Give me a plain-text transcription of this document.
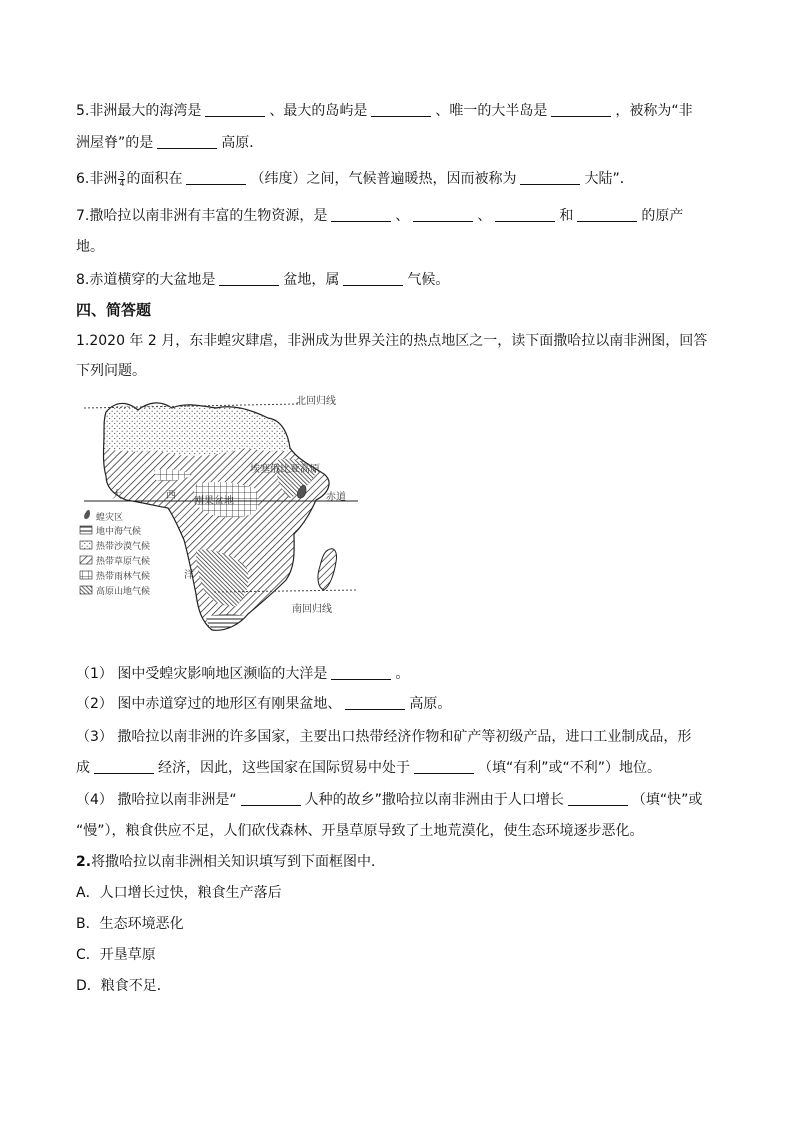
5.非洲最大的海湾是	、最大的岛屿是	、唯一的大半岛是	，被称为“非
洲屋脊”的是	高原．
6.非洲 $\frac{3}{4}$ 的面积在	（纬度）之间，气候普遍暖热，因而被称为	大陆”．
7.撒哈拉以南非洲有丰富的生物资源，是	、	、	和	的原产
地。
8.赤道横穿的大盆地是	盆地，属	气候。
四、简答题
1.2020 年 2 月，东非蝗灾肆虐，非洲成为世界关注的热点地区之一，读下面撒哈拉以南非洲图，回答
下列问题。
北回归线
南回归线
赤道
埃塞俄比亚高原
刚果盆地
大	西
洋
蝗灾区
地中海气候
热带沙漠气候
热带草原气候
热带雨林气候
高原山地气候
（1） 图中受蝗灾影响地区濒临的大洋是	。
（2） 图中赤道穿过的地形区有刚果盆地、	高原。
（3） 撒哈拉以南非洲的许多国家，主要出口热带经济作物和矿产等初级产品，进口工业制成品，形
成	经济，因此，这些国家在国际贸易中处于	（填“有利”或“不利”）地位。
（4） 撒哈拉以南非洲是“	人种的故乡”撒哈拉以南非洲由于人口增长	（填“快”或
“慢”），粮食供应不足，人们砍伐森林、开垦草原导致了土地荒漠化，使生态环境逐步恶化。
2.将撒哈拉以南非洲相关知识填写到下面框图中．
A．人口增长过快，粮食生产落后
B．生态环境恶化
C．开垦草原
D．粮食不足．
